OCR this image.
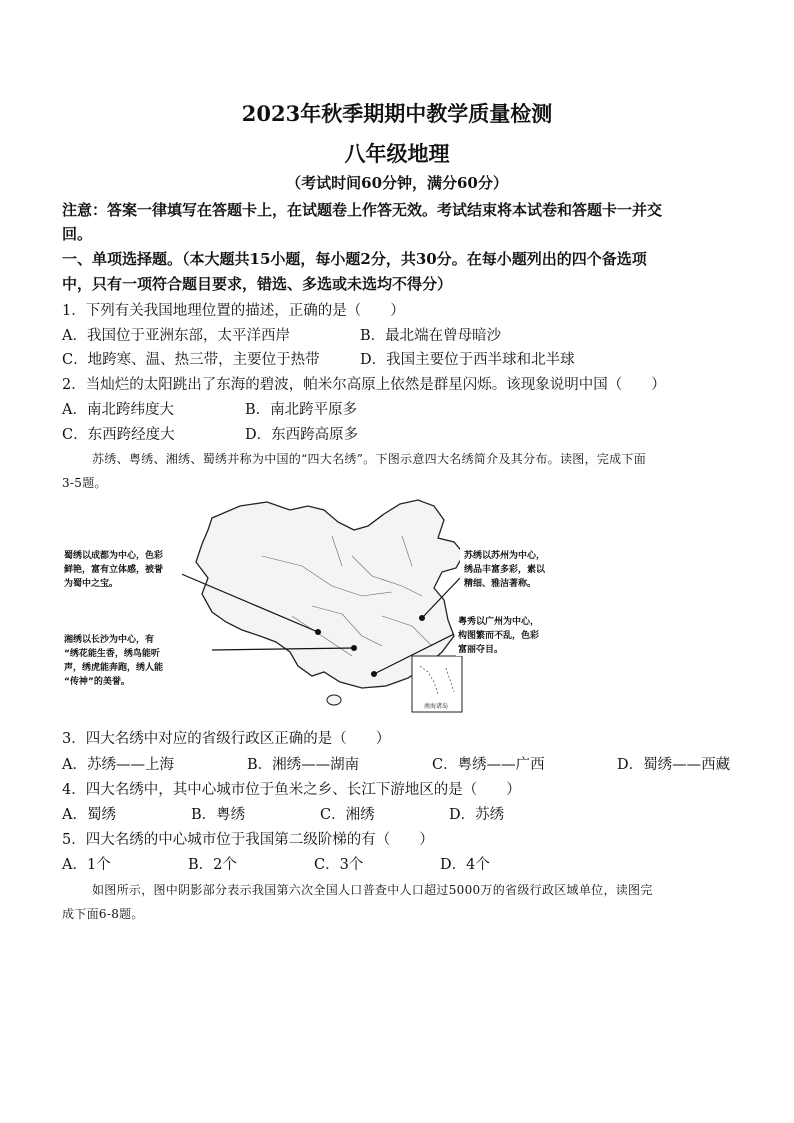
2023年秋季期期中教学质量检测
八年级地理
（考试时间60分钟，满分60分）
注意：答案一律填写在答题卡上，在试题卷上作答无效。考试结束将本试卷和答题卡一并交
回。
一、单项选择题。（本大题共15小题，每小题2分，共30分。在每小题列出的四个备选项
中，只有一项符合题目要求，错选、多选或未选均不得分）
1．下列有关我国地理位置的描述，正确的是（　　）
A．我国位于亚洲东部，太平洋西岸	B．最北端在曾母暗沙
C．地跨寒、温、热三带，主要位于热带	D．我国主要位于西半球和北半球
2．当灿烂的太阳跳出了东海的碧波，帕米尔高原上依然是群星闪烁。该现象说明中国（　　）
A．南北跨纬度大	B．南北跨平原多
C．东西跨经度大	D．东西跨高原多
苏绣、粤绣、湘绣、蜀绣并称为中国的“四大名绣”。下图示意四大名绣简介及其分布。读图，完成下面
3-5题。
南海诸岛
蜀绣以成都为中心，色彩
鲜艳，富有立体感，被誉
为蜀中之宝。
苏绣以苏州为中心，
绣品丰富多彩，素以
精细、雅洁著称。
湘绣以长沙为中心，有
“绣花能生香，绣鸟能听
声，绣虎能奔跑，绣人能
“传神”的美誉。
粤秀以广州为中心，
构图繁而不乱，色彩
富丽夺目。
3．四大名绣中对应的省级行政区正确的是（　　）
A．苏绣——上海	B．湘绣——湖南	C．粤绣——广西	D．蜀绣——西藏
4．四大名绣中，其中心城市位于鱼米之乡、长江下游地区的是（　　）
A．蜀绣	B．粤绣	C．湘绣	D．苏绣
5．四大名绣的中心城市位于我国第二级阶梯的有（　　）
A．1个	B．2个	C．3个	D．4个
如图所示，图中阴影部分表示我国第六次全国人口普查中人口超过5000万的省级行政区域单位，读图完
成下面6-8题。
